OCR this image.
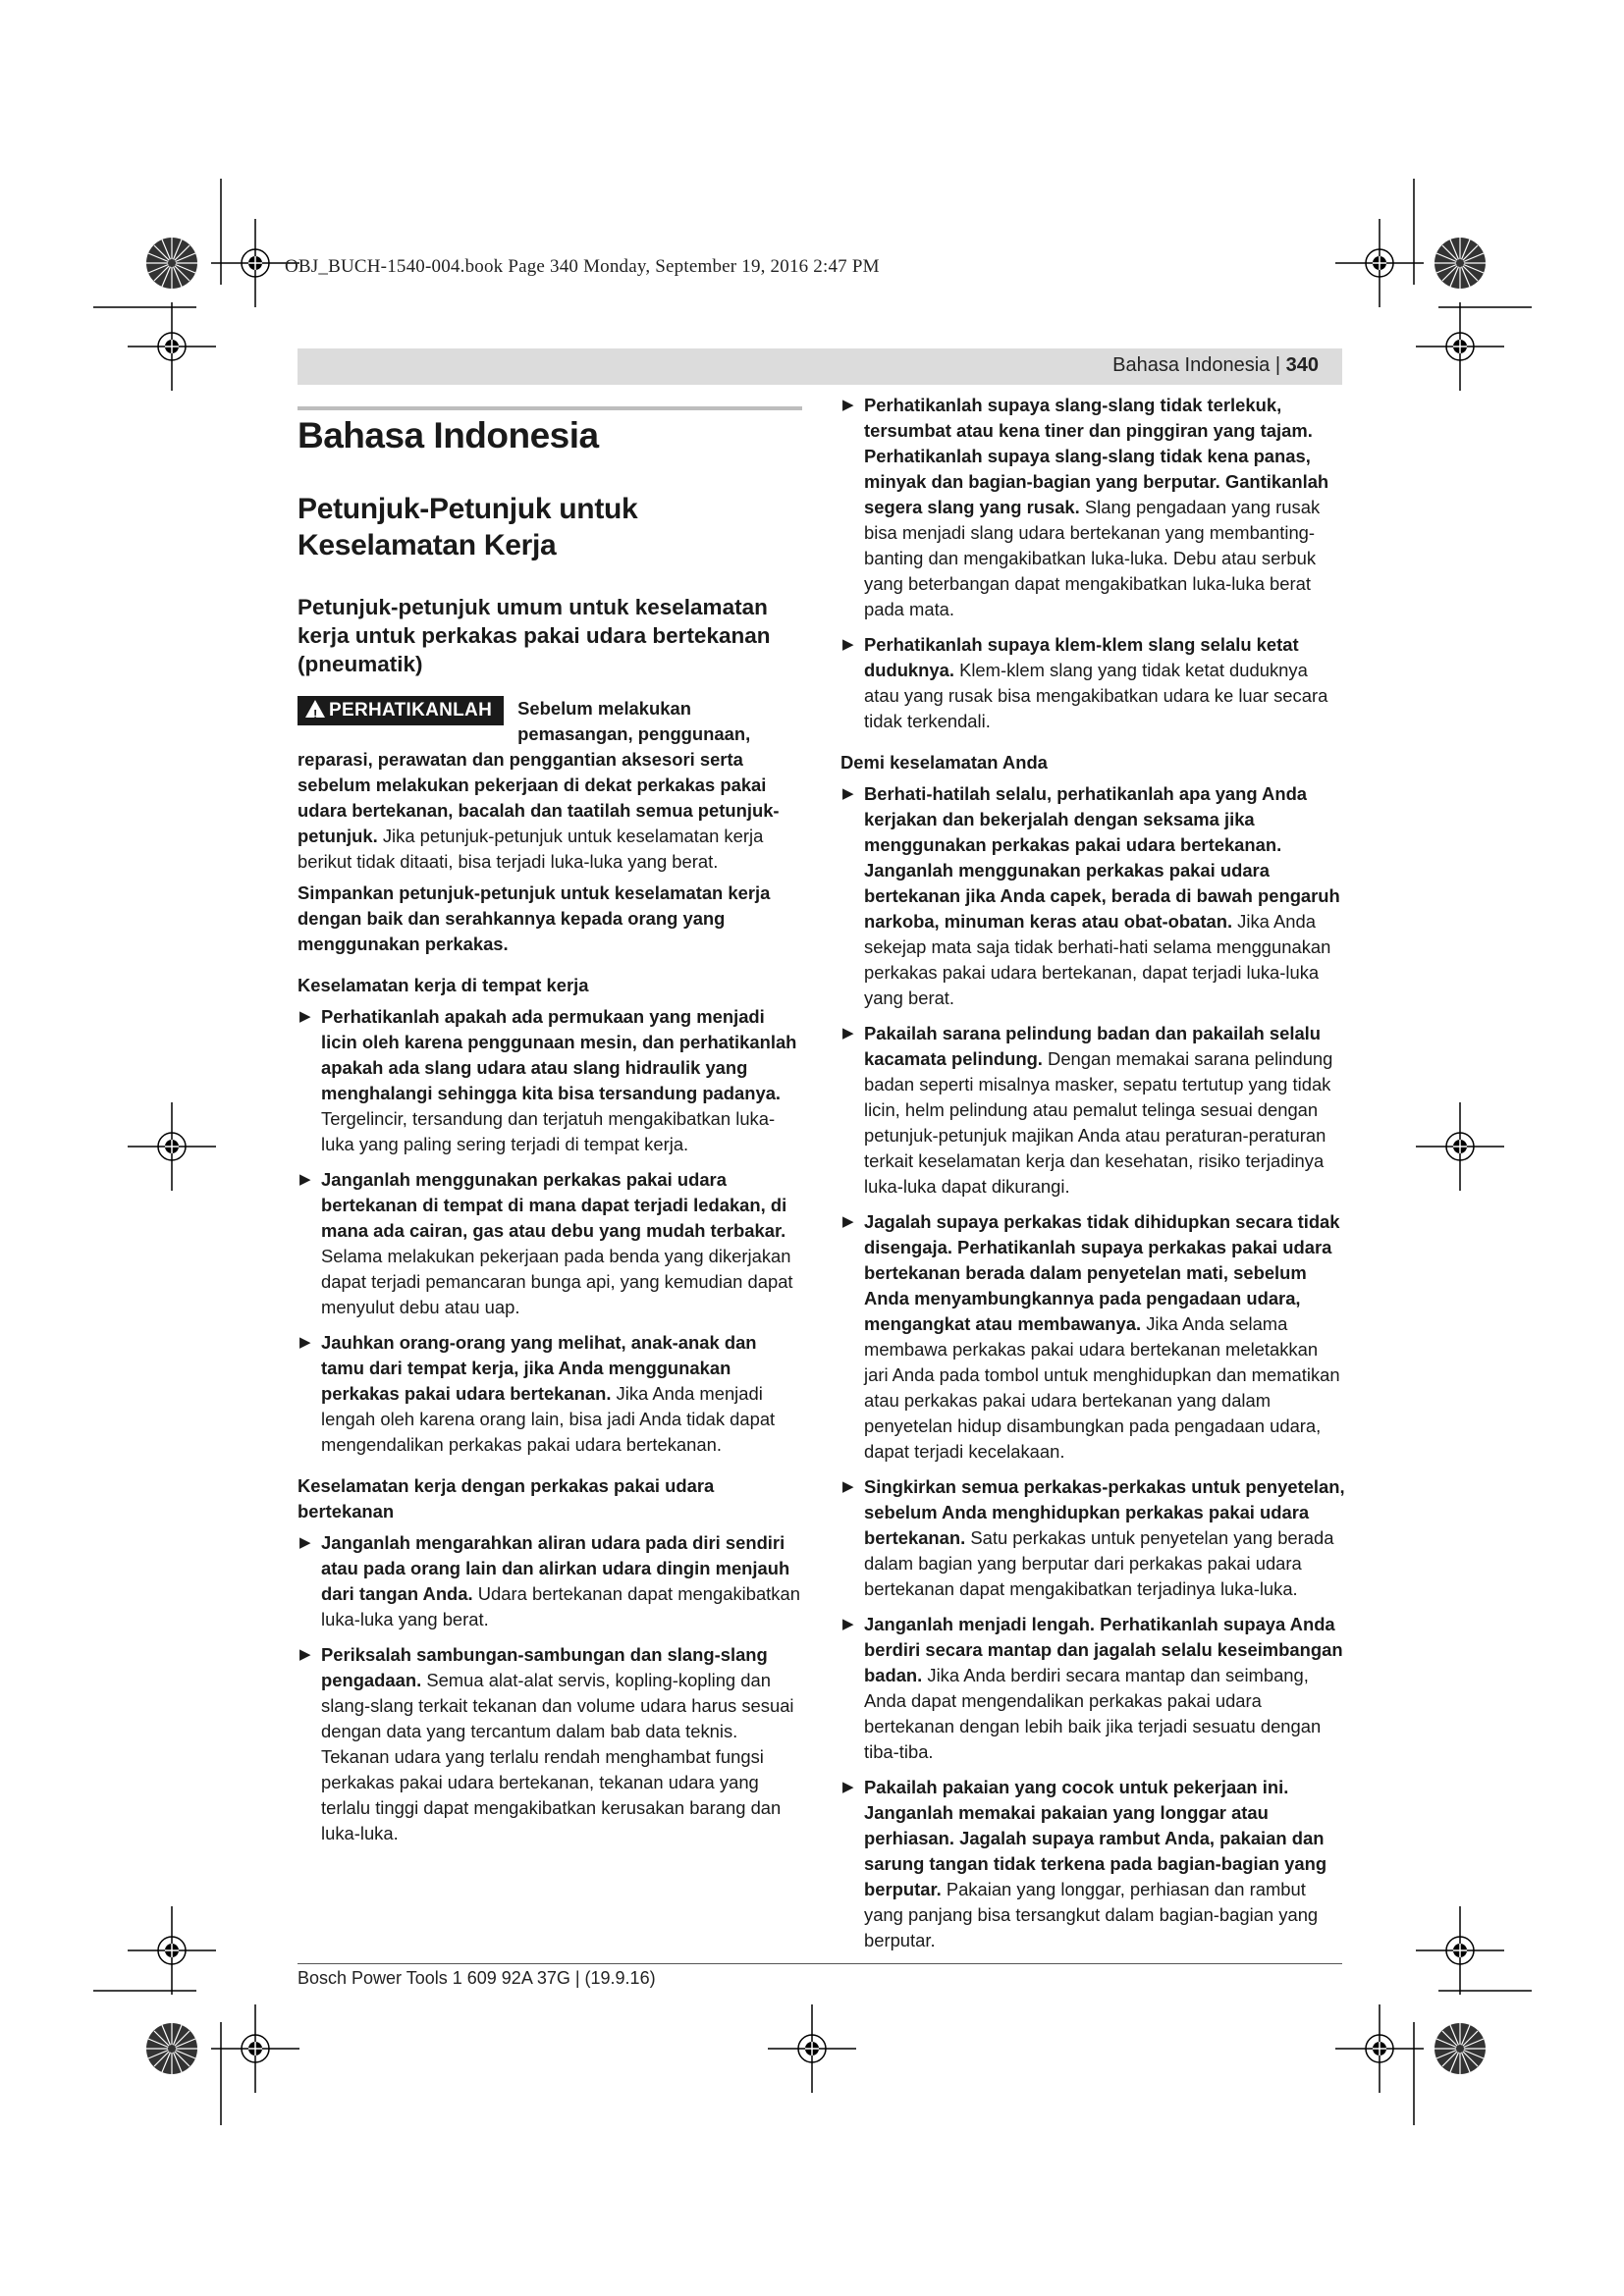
OBJ_BUCH-1540-004.book Page 340 Monday, September 19, 2016 2:47 PM
Bahasa Indonesia | 340
Bahasa Indonesia
Petunjuk-Petunjuk untuk Keselamatan Kerja
Petunjuk-petunjuk umum untuk keselamatan kerja untuk perkakas pakai udara bertekanan (pneumatik)
! PERHATIKANLAH	Sebelum melakukan pemasangan, penggunaan, reparasi, perawatan dan penggantian aksesori serta sebelum melakukan pekerjaan di dekat perkakas pakai udara bertekanan, bacalah dan taatilah semua petunjuk-petunjuk. Jika petunjuk-petunjuk untuk keselamatan kerja berikut tidak ditaati, bisa terjadi luka-luka yang berat.

Simpankan petunjuk-petunjuk untuk keselamatan kerja dengan baik dan serahkannya kepada orang yang menggunakan perkakas.

Keselamatan kerja di tempat kerja

▶ Perhatikanlah apakah ada permukaan yang menjadi licin oleh karena penggunaan mesin, dan perhatikanlah apakah ada slang udara atau slang hidraulik yang menghalangi sehingga kita bisa tersandung padanya. Tergelincir, tersandung dan terjatuh mengakibatkan luka-luka yang paling sering terjadi di tempat kerja.
▶ Janganlah menggunakan perkakas pakai udara bertekanan di tempat di mana dapat terjadi ledakan, di mana ada cairan, gas atau debu yang mudah terbakar. Selama melakukan pekerjaan pada benda yang dikerjakan dapat terjadi pemancaran bunga api, yang kemudian dapat menyulut debu atau uap.
▶ Jauhkan orang-orang yang melihat, anak-anak dan tamu dari tempat kerja, jika Anda menggunakan perkakas pakai udara bertekanan. Jika Anda menjadi lengah oleh karena orang lain, bisa jadi Anda tidak dapat mengendalikan perkakas pakai udara bertekanan.

Keselamatan kerja dengan perkakas pakai udara bertekanan

▶ Janganlah mengarahkan aliran udara pada diri sendiri atau pada orang lain dan alirkan udara dingin menjauh dari tangan Anda. Udara bertekanan dapat mengakibatkan luka-luka yang berat.
▶ Periksalah sambungan-sambungan dan slang-slang pengadaan. Semua alat-alat servis, kopling-kopling dan slang-slang terkait tekanan dan volume udara harus sesuai dengan data yang tercantum dalam bab data teknis. Tekanan udara yang terlalu rendah menghambat fungsi perkakas pakai udara bertekanan, tekanan udara yang terlalu tinggi dapat mengakibatkan kerusakan barang dan luka-luka.
▶ Perhatikanlah supaya slang-slang tidak terlekuk, tersumbat atau kena tiner dan pinggiran yang tajam. Perhatikanlah supaya slang-slang tidak kena panas, minyak dan bagian-bagian yang berputar. Gantikanlah segera slang yang rusak. Slang pengadaan yang rusak bisa menjadi slang udara bertekanan yang membanting-banting dan mengakibatkan luka-luka. Debu atau serbuk yang beterbangan dapat mengakibatkan luka-luka berat pada mata.
▶ Perhatikanlah supaya klem-klem slang selalu ketat duduknya. Klem-klem slang yang tidak ketat duduknya atau yang rusak bisa mengakibatkan udara ke luar secara tidak terkendali.

Demi keselamatan Anda

▶ Berhati-hatilah selalu, perhatikanlah apa yang Anda kerjakan dan bekerjalah dengan seksama jika menggunakan perkakas pakai udara bertekanan. Janganlah menggunakan perkakas pakai udara bertekanan jika Anda capek, berada di bawah pengaruh narkoba, minuman keras atau obat-obatan. Jika Anda sekejap mata saja tidak berhati-hati selama menggunakan perkakas pakai udara bertekanan, dapat terjadi luka-luka yang berat.
▶ Pakailah sarana pelindung badan dan pakailah selalu kacamata pelindung. Dengan memakai sarana pelindung badan seperti misalnya masker, sepatu tertutup yang tidak licin, helm pelindung atau pemalut telinga sesuai dengan petunjuk-petunjuk majikan Anda atau peraturan-peraturan terkait keselamatan kerja dan kesehatan, risiko terjadinya luka-luka dapat dikurangi.
▶ Jagalah supaya perkakas tidak dihidupkan secara tidak disengaja. Perhatikanlah supaya perkakas pakai udara bertekanan berada dalam penyetelan mati, sebelum Anda menyambungkannya pada pengadaan udara, mengangkat atau membawanya. Jika Anda selama membawa perkakas pakai udara bertekanan meletakkan jari Anda pada tombol untuk menghidupkan dan mematikan atau perkakas pakai udara bertekanan yang dalam penyetelan hidup disambungkan pada pengadaan udara, dapat terjadi kecelakaan.
▶ Singkirkan semua perkakas-perkakas untuk penyetelan, sebelum Anda menghidupkan perkakas pakai udara bertekanan. Satu perkakas untuk penyetelan yang berada dalam bagian yang berputar dari perkakas pakai udara bertekanan dapat mengakibatkan terjadinya luka-luka.
▶ Janganlah menjadi lengah. Perhatikanlah supaya Anda berdiri secara mantap dan jagalah selalu keseimbangan badan. Jika Anda berdiri secara mantap dan seimbang, Anda dapat mengendalikan perkakas pakai udara bertekanan dengan lebih baik jika terjadi sesuatu dengan tiba-tiba.
▶ Pakailah pakaian yang cocok untuk pekerjaan ini. Janganlah memakai pakaian yang longgar atau perhiasan. Jagalah supaya rambut Anda, pakaian dan sarung tangan tidak terkena pada bagian-bagian yang berputar. Pakaian yang longgar, perhiasan dan rambut yang panjang bisa tersangkut dalam bagian-bagian yang berputar.
Bosch Power Tools 1 609 92A 37G | (19.9.16)
